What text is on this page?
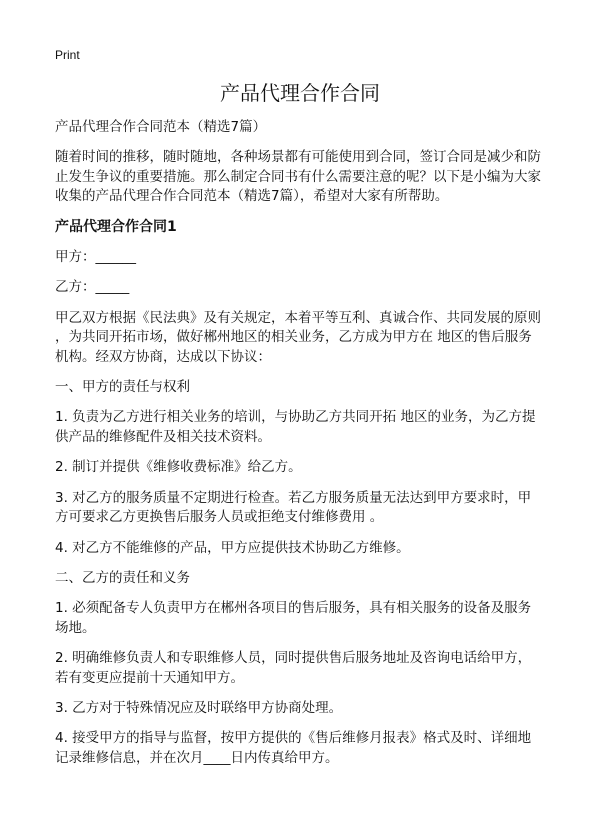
Print
产品代理合作合同
产品代理合作合同范本（精选7篇）
随着时间的推移，随时随地，各种场景都有可能使用到合同，签订合同是减少和防
止发生争议的重要措施。那么制定合同书有什么需要注意的呢？以下是小编为大家
收集的产品代理合作合同范本（精选7篇），希望对大家有所帮助。
产品代理合作合同1
甲方：______
乙方：_____
甲乙双方根据《民法典》及有关规定，本着平等互利、真诚合作、共同发展的原则
，为共同开拓市场，做好郴州地区的相关业务，乙方成为甲方在 地区的售后服务
机构。经双方协商，达成以下协议：
一、甲方的责任与权利
1. 负责为乙方进行相关业务的培训，与协助乙方共同开拓 地区的业务，为乙方提
供产品的维修配件及相关技术资料。
2. 制订并提供《维修收费标准》给乙方。
3. 对乙方的服务质量不定期进行检查。若乙方服务质量无法达到甲方要求时，甲
方可要求乙方更换售后服务人员或拒绝支付维修费用 。
4. 对乙方不能维修的产品，甲方应提供技术协助乙方维修。
二、乙方的责任和义务
1. 必须配备专人负责甲方在郴州各项目的售后服务，具有相关服务的设备及服务
场地。
2. 明确维修负责人和专职维修人员，同时提供售后服务地址及咨询电话给甲方，
若有变更应提前十天通知甲方。
3. 乙方对于特殊情况应及时联络甲方协商处理。
4. 接受甲方的指导与监督，按甲方提供的《售后维修月报表》格式及时、详细地
记录维修信息，并在次月____日内传真给甲方。
